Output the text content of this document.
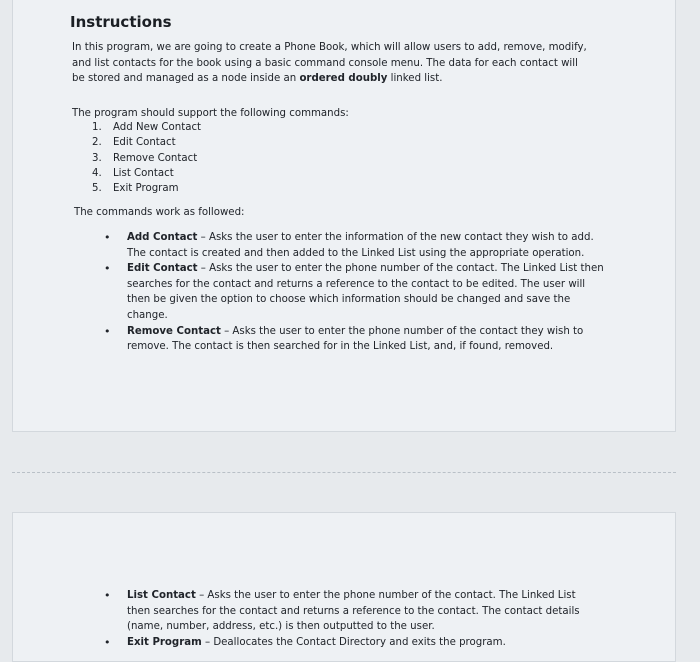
Instructions
In this program, we are going to create a Phone Book, which will allow users to add, remove, modify, and list contacts for the book using a basic command console menu. The data for each contact will be stored and managed as a node inside an ordered doubly linked list.
The program should support the following commands:
1.	Add New Contact
2.	Edit Contact
3.	Remove Contact
4.	List Contact
5.	Exit Program
The commands work as followed:
•	Add Contact – Asks the user to enter the information of the new contact they wish to add. The contact is created and then added to the Linked List using the appropriate operation.
•	Edit Contact – Asks the user to enter the phone number of the contact. The Linked List then searches for the contact and returns a reference to the contact to be edited. The user will then be given the option to choose which information should be changed and save the change.
•	Remove Contact – Asks the user to enter the phone number of the contact they wish to remove. The contact is then searched for in the Linked List, and, if found, removed.
•	List Contact – Asks the user to enter the phone number of the contact. The Linked List then searches for the contact and returns a reference to the contact. The contact details (name, number, address, etc.) is then outputted to the user.
•	Exit Program – Deallocates the Contact Directory and exits the program.
